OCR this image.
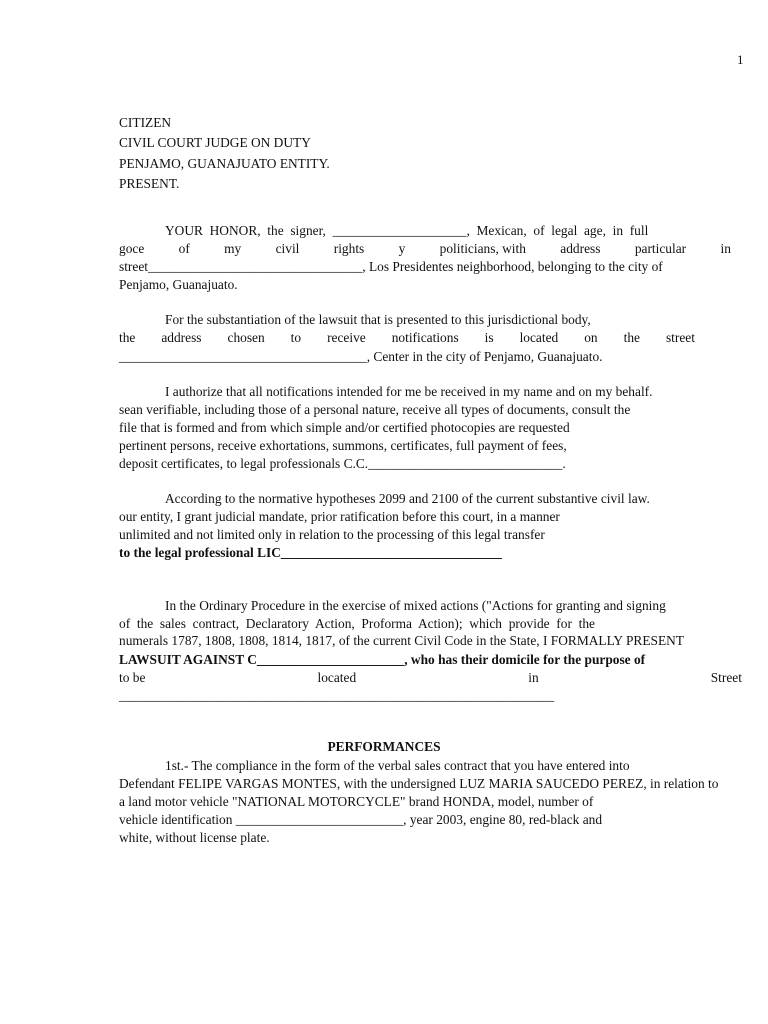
1
CITIZEN
CIVIL COURT JUDGE ON DUTY
PENJAMO, GUANAJUATO ENTITY.
PRESENT.
YOUR  HONOR,  the  signer,  ____________________,  Mexican,  of  legal  age,  in  full
goce	of	my	civil	rights	y	politicians, with	address	particular	in
street________________________________, Los Presidentes neighborhood, belonging to the city of
Penjamo, Guanajuato.
For the substantiation of the lawsuit that is presented to this jurisdictional body,
the address chosen to receive notifications is located on the street
_____________________________________, Center in the city of Penjamo, Guanajuato.
I authorize that all notifications intended for me be received in my name and on my behalf.
sean verifiable, including those of a personal nature, receive all types of documents, consult the
file that is formed and from which simple and/or certified photocopies are requested
pertinent persons, receive exhortations, summons, certificates, full payment of fees,
deposit certificates, to legal professionals C.C._____________________________.
According to the normative hypotheses 2099 and 2100 of the current substantive civil law.
our entity, I grant judicial mandate, prior ratification before this court, in a manner
unlimited and not limited only in relation to the processing of this legal transfer
to the legal professional LIC_________________________________
In the Ordinary Procedure in the exercise of mixed actions ("Actions for granting and signing
of  the  sales  contract,  Declaratory  Action,  Proforma  Action);  which  provide  for  the
numerals 1787, 1808, 1808, 1814, 1817, of the current Civil Code in the State, I FORMALLY PRESENT
LAWSUIT AGAINST C______________________, who has their domicile for the purpose of
to be	located	in	Street
_________________________________________________________________
PERFORMANCES
1st.- The compliance in the form of the verbal sales contract that you have entered into
Defendant FELIPE VARGAS MONTES, with the undersigned LUZ MARIA SAUCEDO PEREZ, in relation to
a land motor vehicle "NATIONAL MOTORCYCLE" brand HONDA, model, number of
vehicle identification _________________________, year 2003, engine 80, red-black and
white, without license plate.
